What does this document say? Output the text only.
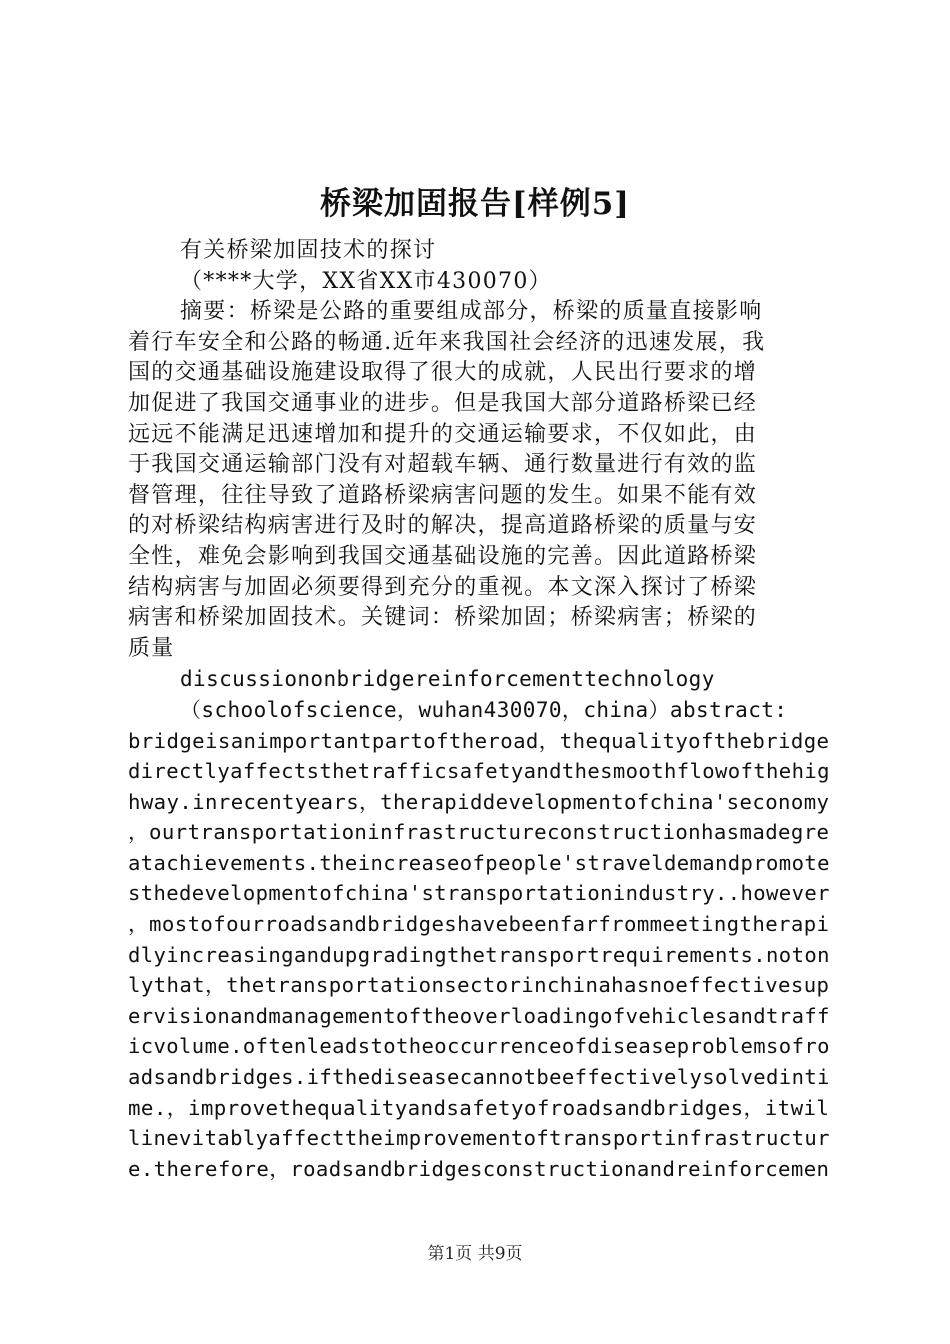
桥梁加固报告[样例5]

有关桥梁加固技术的探讨

（****大学，XX省XX市430070）

摘要：桥梁是公路的重要组成部分，桥梁的质量直接影响

着行车安全和公路的畅通.近年来我国社会经济的迅速发展，我

国的交通基础设施建设取得了很大的成就，人民出行要求的增

加促进了我国交通事业的进步。但是我国大部分道路桥梁已经

远远不能满足迅速增加和提升的交通运输要求，不仅如此，由

于我国交通运输部门没有对超载车辆、通行数量进行有效的监

督管理，往往导致了道路桥梁病害问题的发生。如果不能有效

的对桥梁结构病害进行及时的解决，提高道路桥梁的质量与安

全性，难免会影响到我国交通基础设施的完善。因此道路桥梁

结构病害与加固必须要得到充分的重视。本文深入探讨了桥梁

病害和桥梁加固技术。关键词：桥梁加固；桥梁病害；桥梁的

质量

discussiononbridgereinforcementtechnology

（schoolofscience，wuhan430070，china）abstract:

bridgeisanimportantpartoftheroad，thequalityofthebridge

directlyaffectsthetrafficsafetyandthesmoothflowofthehig

hway.inrecentyears，therapiddevelopmentofchina'seconomy

，ourtransportationinfrastructureconstructionhasmadegre

atachievements.theincreaseofpeople'straveldemandpromote

sthedevelopmentofchina'stransportationindustry..however

，mostofourroadsandbridgeshavebeenfarfrommeetingtherapi

dlyincreasingandupgradingthetransportrequirements.noton

lythat，thetransportationsectorinchinahasnoeffectivesup

ervisionandmanagementoftheoverloadingofvehiclesandtraff

icvolume.oftenleadstotheoccurrenceofdiseaseproblemsofro

adsandbridges.ifthediseasecannotbeeffectivelysolvedinti

me.，improvethequalityandsafetyofroadsandbridges，itwil

linevitablyaffecttheimprovementoftransportinfrastructur

e.therefore，roadsandbridgesconstructionandreinforcemen

第1页 共9页
